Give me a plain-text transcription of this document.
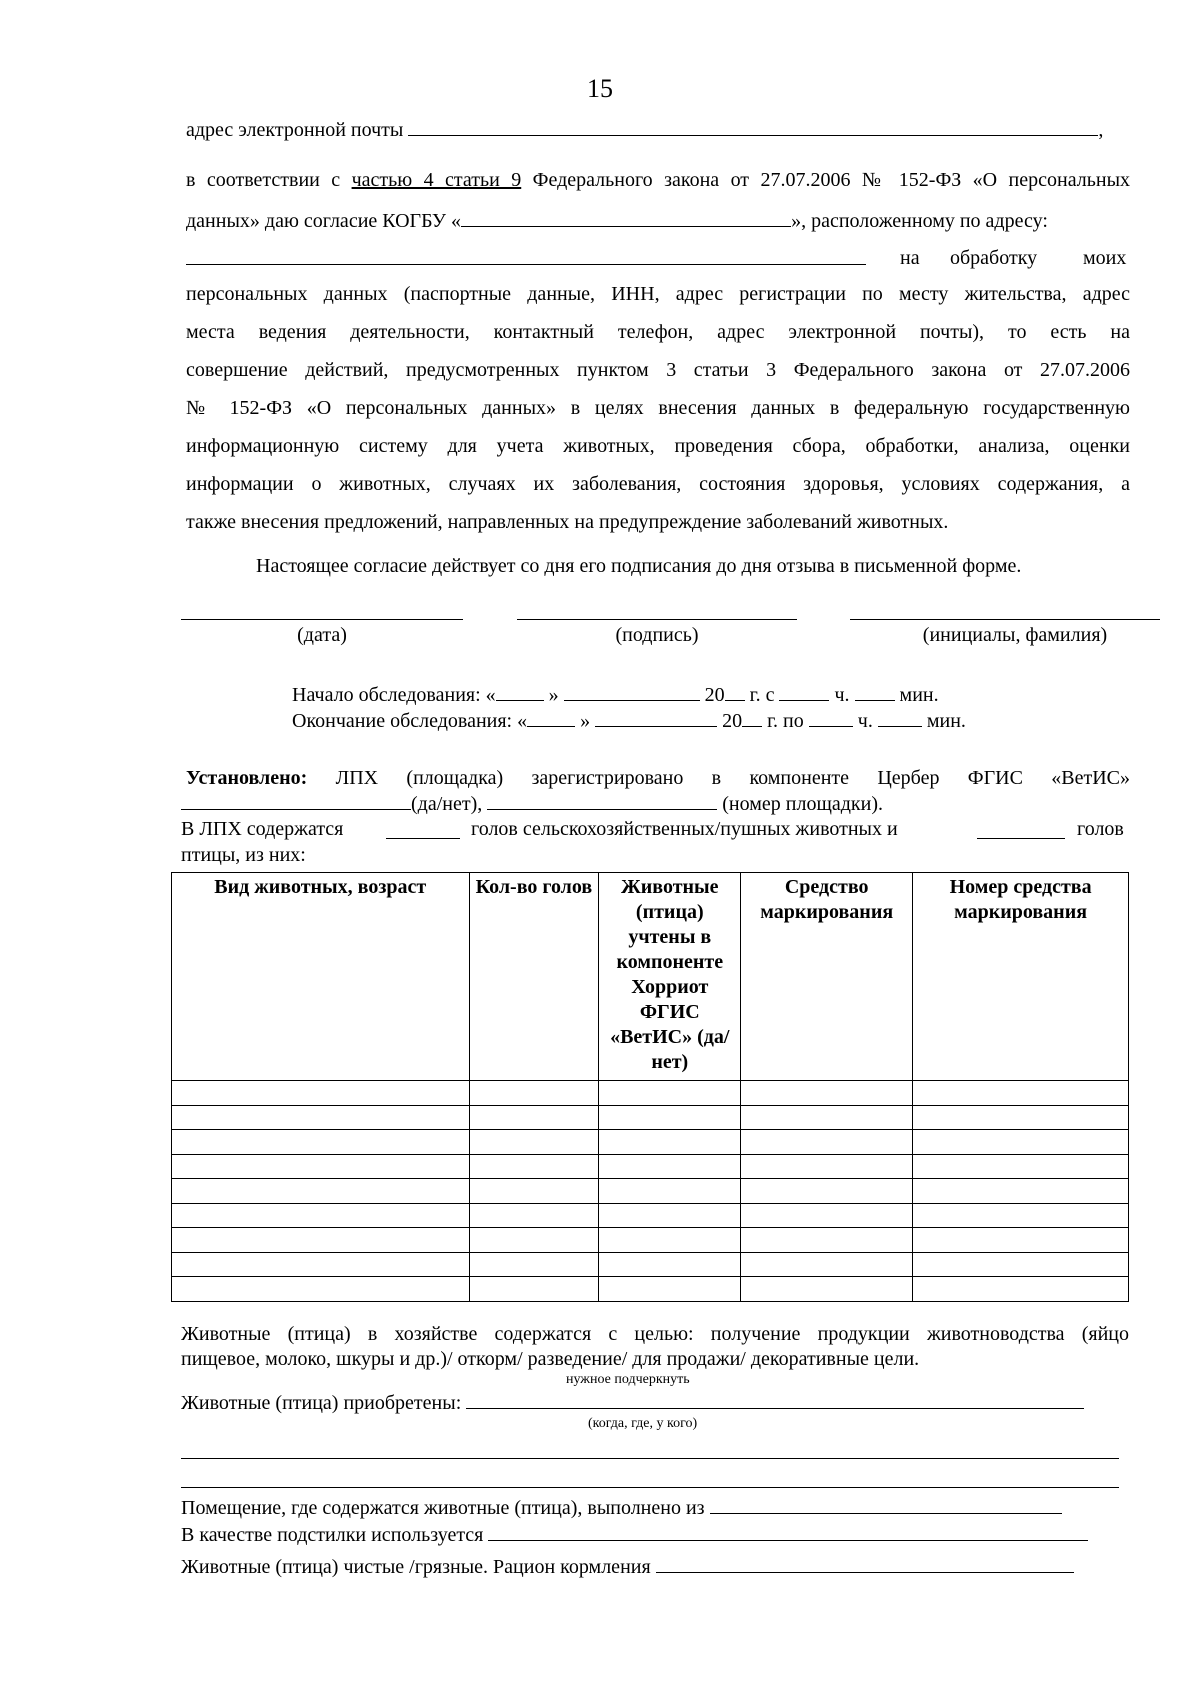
15
адрес электронной почты	,
в соответствии с частью 4 статьи 9 Федерального закона от 27.07.2006 № 152-ФЗ «О персональных
данных» даю согласие КОГБУ «	», расположенному по адресу:
на обработку моих
персональных данных (паспортные данные, ИНН, адрес регистрации по месту жительства, адрес
места ведения деятельности, контактный телефон, адрес электронной почты), то есть на
совершение действий, предусмотренных пунктом 3 статьи 3 Федерального закона от 27.07.2006
№ 152-ФЗ «О персональных данных» в целях внесения данных в федеральную государственную
информационную систему для учета животных, проведения сбора, обработки, анализа, оценки
информации о животных, случаях их заболевания, состояния здоровья, условиях содержания, а
также внесения предложений, направленных на предупреждение заболеваний животных.
Настоящее согласие действует со дня его подписания до дня отзыва в письменной форме.
(дата)	(подпись)	(инициалы, фамилия)
Начало обследования: «	»	20 г. с	ч.	мин.
Окончание обследования: «	»	20 г. по	ч.	мин.
Установлено: ЛПХ (площадка) зарегистрировано в компоненте Цербер ФГИС «ВетИС»
(да/нет),	(номер площадки).
В ЛПХ содержатся	голов сельскохозяйственных/пушных животных и	голов
птицы, из них:
Вид животных, возраст	Кол-во голов	Животные (птица) учтены в компоненте Хорриот ФГИС «ВетИС» (да/нет)	Средство маркирования	Номер средства маркирования

Животные (птица) в хозяйстве содержатся с целью: получение продукции животноводства (яйцо
пищевое, молоко, шкуры и др.)/ откорм/ разведение/ для продажи/ декоративные цели.
нужное подчеркнуть
Животные (птица) приобретены:
(когда, где, у кого)
Помещение, где содержатся животные (птица), выполнено из
В качестве подстилки используется
Животные (птица) чистые /грязные. Рацион кормления
